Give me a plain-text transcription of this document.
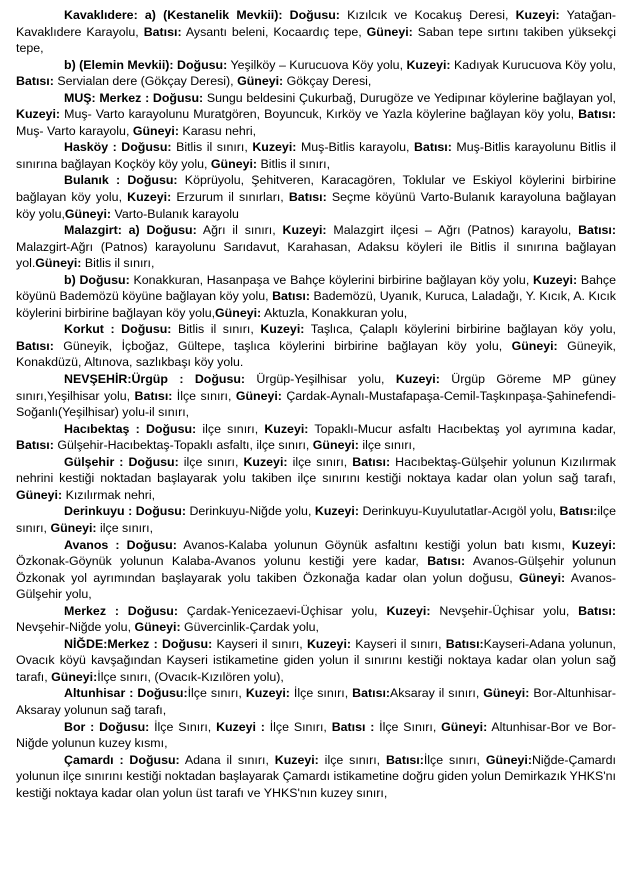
Kavaklıdere: a) (Kestanelik Mevkii): Doğusu: Kızılcık ve Kocakuş Deresi, Kuzeyi: Yatağan-Kavaklıdere Karayolu, Batısı: Aysantı beleni, Kocaardıç tepe, Güneyi: Saban tepe sırtını takiben yüksekçi tepe,

b) (Elemin Mevkii): Doğusu: Yeşilköy – Kurucuova Köy yolu, Kuzeyi: Kadıyak Kurucuova Köy yolu, Batısı: Servialan dere (Gökçay Deresi), Güneyi: Gökçay Deresi,

MUŞ: Merkez : Doğusu: Sungu beldesini Çukurbağ, Durugöze ve Yedipınar köylerine bağlayan yol, Kuzeyi: Muş- Varto karayolunu Muratgören, Boyuncuk, Kırköy ve Yazla köylerine bağlayan köy yolu, Batısı: Muş- Varto karayolu, Güneyi: Karasu nehri,

Hasköy : Doğusu: Bitlis il sınırı, Kuzeyi: Muş-Bitlis karayolu, Batısı: Muş-Bitlis karayolunu Bitlis il sınırına bağlayan Koçköy köy yolu, Güneyi: Bitlis il sınırı,

Bulanık : Doğusu: Köprüyolu, Şehitveren, Karacagören, Toklular ve Eskiyol köylerini birbirine bağlayan köy yolu, Kuzeyi: Erzurum il sınırları, Batısı: Seçme köyünü Varto-Bulanık karayoluna bağlayan köy yolu,Güneyi: Varto-Bulanık karayolu

Malazgirt: a) Doğusu: Ağrı il sınırı, Kuzeyi: Malazgirt ilçesi – Ağrı (Patnos) karayolu, Batısı: Malazgirt-Ağrı (Patnos) karayolunu Sarıdavut, Karahasan, Adaksu köyleri ile Bitlis il sınırına bağlayan yol.Güneyi: Bitlis il sınırı,

b) Doğusu: Konakkuran, Hasanpaşa ve Bahçe köylerini birbirine bağlayan köy yolu, Kuzeyi: Bahçe köyünü Bademözü köyüne bağlayan köy yolu, Batısı: Bademözü, Uyanık, Kuruca, Laladağı, Y. Kıcık, A. Kıcık köylerini birbirine bağlayan köy yolu,Güneyi: Aktuzla, Konakkuran yolu,

Korkut : Doğusu: Bitlis il sınırı, Kuzeyi: Taşlıca, Çalaplı köylerini birbirine bağlayan köy yolu, Batısı: Güneyik, İçboğaz, Gültepe, taşlıca köylerini birbirine bağlayan köy yolu, Güneyi: Güneyik, Konakdüzü, Altınova, sazlıkbaşı köy yolu.

NEVŞEHİR:Ürgüp : Doğusu: Ürgüp-Yeşilhisar yolu, Kuzeyi: Ürgüp Göreme MP güney sınırı,Yeşilhisar yolu, Batısı: İlçe sınırı, Güneyi: Çardak-Aynalı-Mustafapaşa-Cemil-Taşkınpaşa-Şahinefendi-Soğanlı(Yeşilhisar) yolu-il sınırı,

Hacıbektaş : Doğusu: ilçe sınırı, Kuzeyi: Topaklı-Mucur asfaltı Hacıbektaş yol ayrımına kadar, Batısı: Gülşehir-Hacıbektaş-Topaklı asfaltı, ilçe sınırı, Güneyi: ilçe sınırı,

Gülşehir : Doğusu: ilçe sınırı, Kuzeyi: ilçe sınırı, Batısı: Hacıbektaş-Gülşehir yolunun Kızılırmak nehrini kestiği noktadan başlayarak yolu takiben ilçe sınırını kestiği noktaya kadar olan yolun sağ tarafı, Güneyi: Kızılırmak nehri,

Derinkuyu : Doğusu: Derinkuyu-Niğde yolu, Kuzeyi: Derinkuyu-Kuyulutatlar-Acıgöl yolu, Batısı:ilçe sınırı, Güneyi: ilçe sınırı,

Avanos : Doğusu: Avanos-Kalaba yolunun Göynük asfaltını kestiği yolun batı kısmı, Kuzeyi: Özkonak-Göynük yolunun Kalaba-Avanos yolunu kestiği yere kadar, Batısı: Avanos-Gülşehir yolunun Özkonak yol ayrımından başlayarak yolu takiben Özkonağa kadar olan yolun doğusu, Güneyi: Avanos-Gülşehir yolu,

Merkez : Doğusu: Çardak-Yenicezaevi-Üçhisar yolu, Kuzeyi: Nevşehir-Üçhisar yolu, Batısı: Nevşehir-Niğde yolu, Güneyi: Güvercinlik-Çardak yolu,

NİĞDE:Merkez : Doğusu: Kayseri il sınırı, Kuzeyi: Kayseri il sınırı, Batısı:Kayseri-Adana yolunun, Ovacık köyü kavşağından Kayseri istikametine giden yolun il sınırını kestiği noktaya kadar olan yolun sağ tarafı, Güneyi:İlçe sınırı, (Ovacık-Kızılören yolu),

Altunhisar : Doğusu:İlçe sınırı, Kuzeyi: İlçe sınırı, Batısı:Aksaray il sınırı, Güneyi: Bor-Altunhisar-Aksaray yolunun sağ tarafı,

Bor : Doğusu: İlçe Sınırı, Kuzeyi : İlçe Sınırı, Batısı : İlçe Sınırı, Güneyi: Altunhisar-Bor ve Bor-Niğde yolunun kuzey kısmı,

Çamardı : Doğusu: Adana il sınırı, Kuzeyi: ilçe sınırı, Batısı:İlçe sınırı, Güneyi:Niğde-Çamardı yolunun ilçe sınırını kestiği noktadan başlayarak Çamardı istikametine doğru giden yolun Demirkazık YHKS'nı kestiği noktaya kadar olan yolun üst tarafı ve YHKS'nın kuzey sınırı,
